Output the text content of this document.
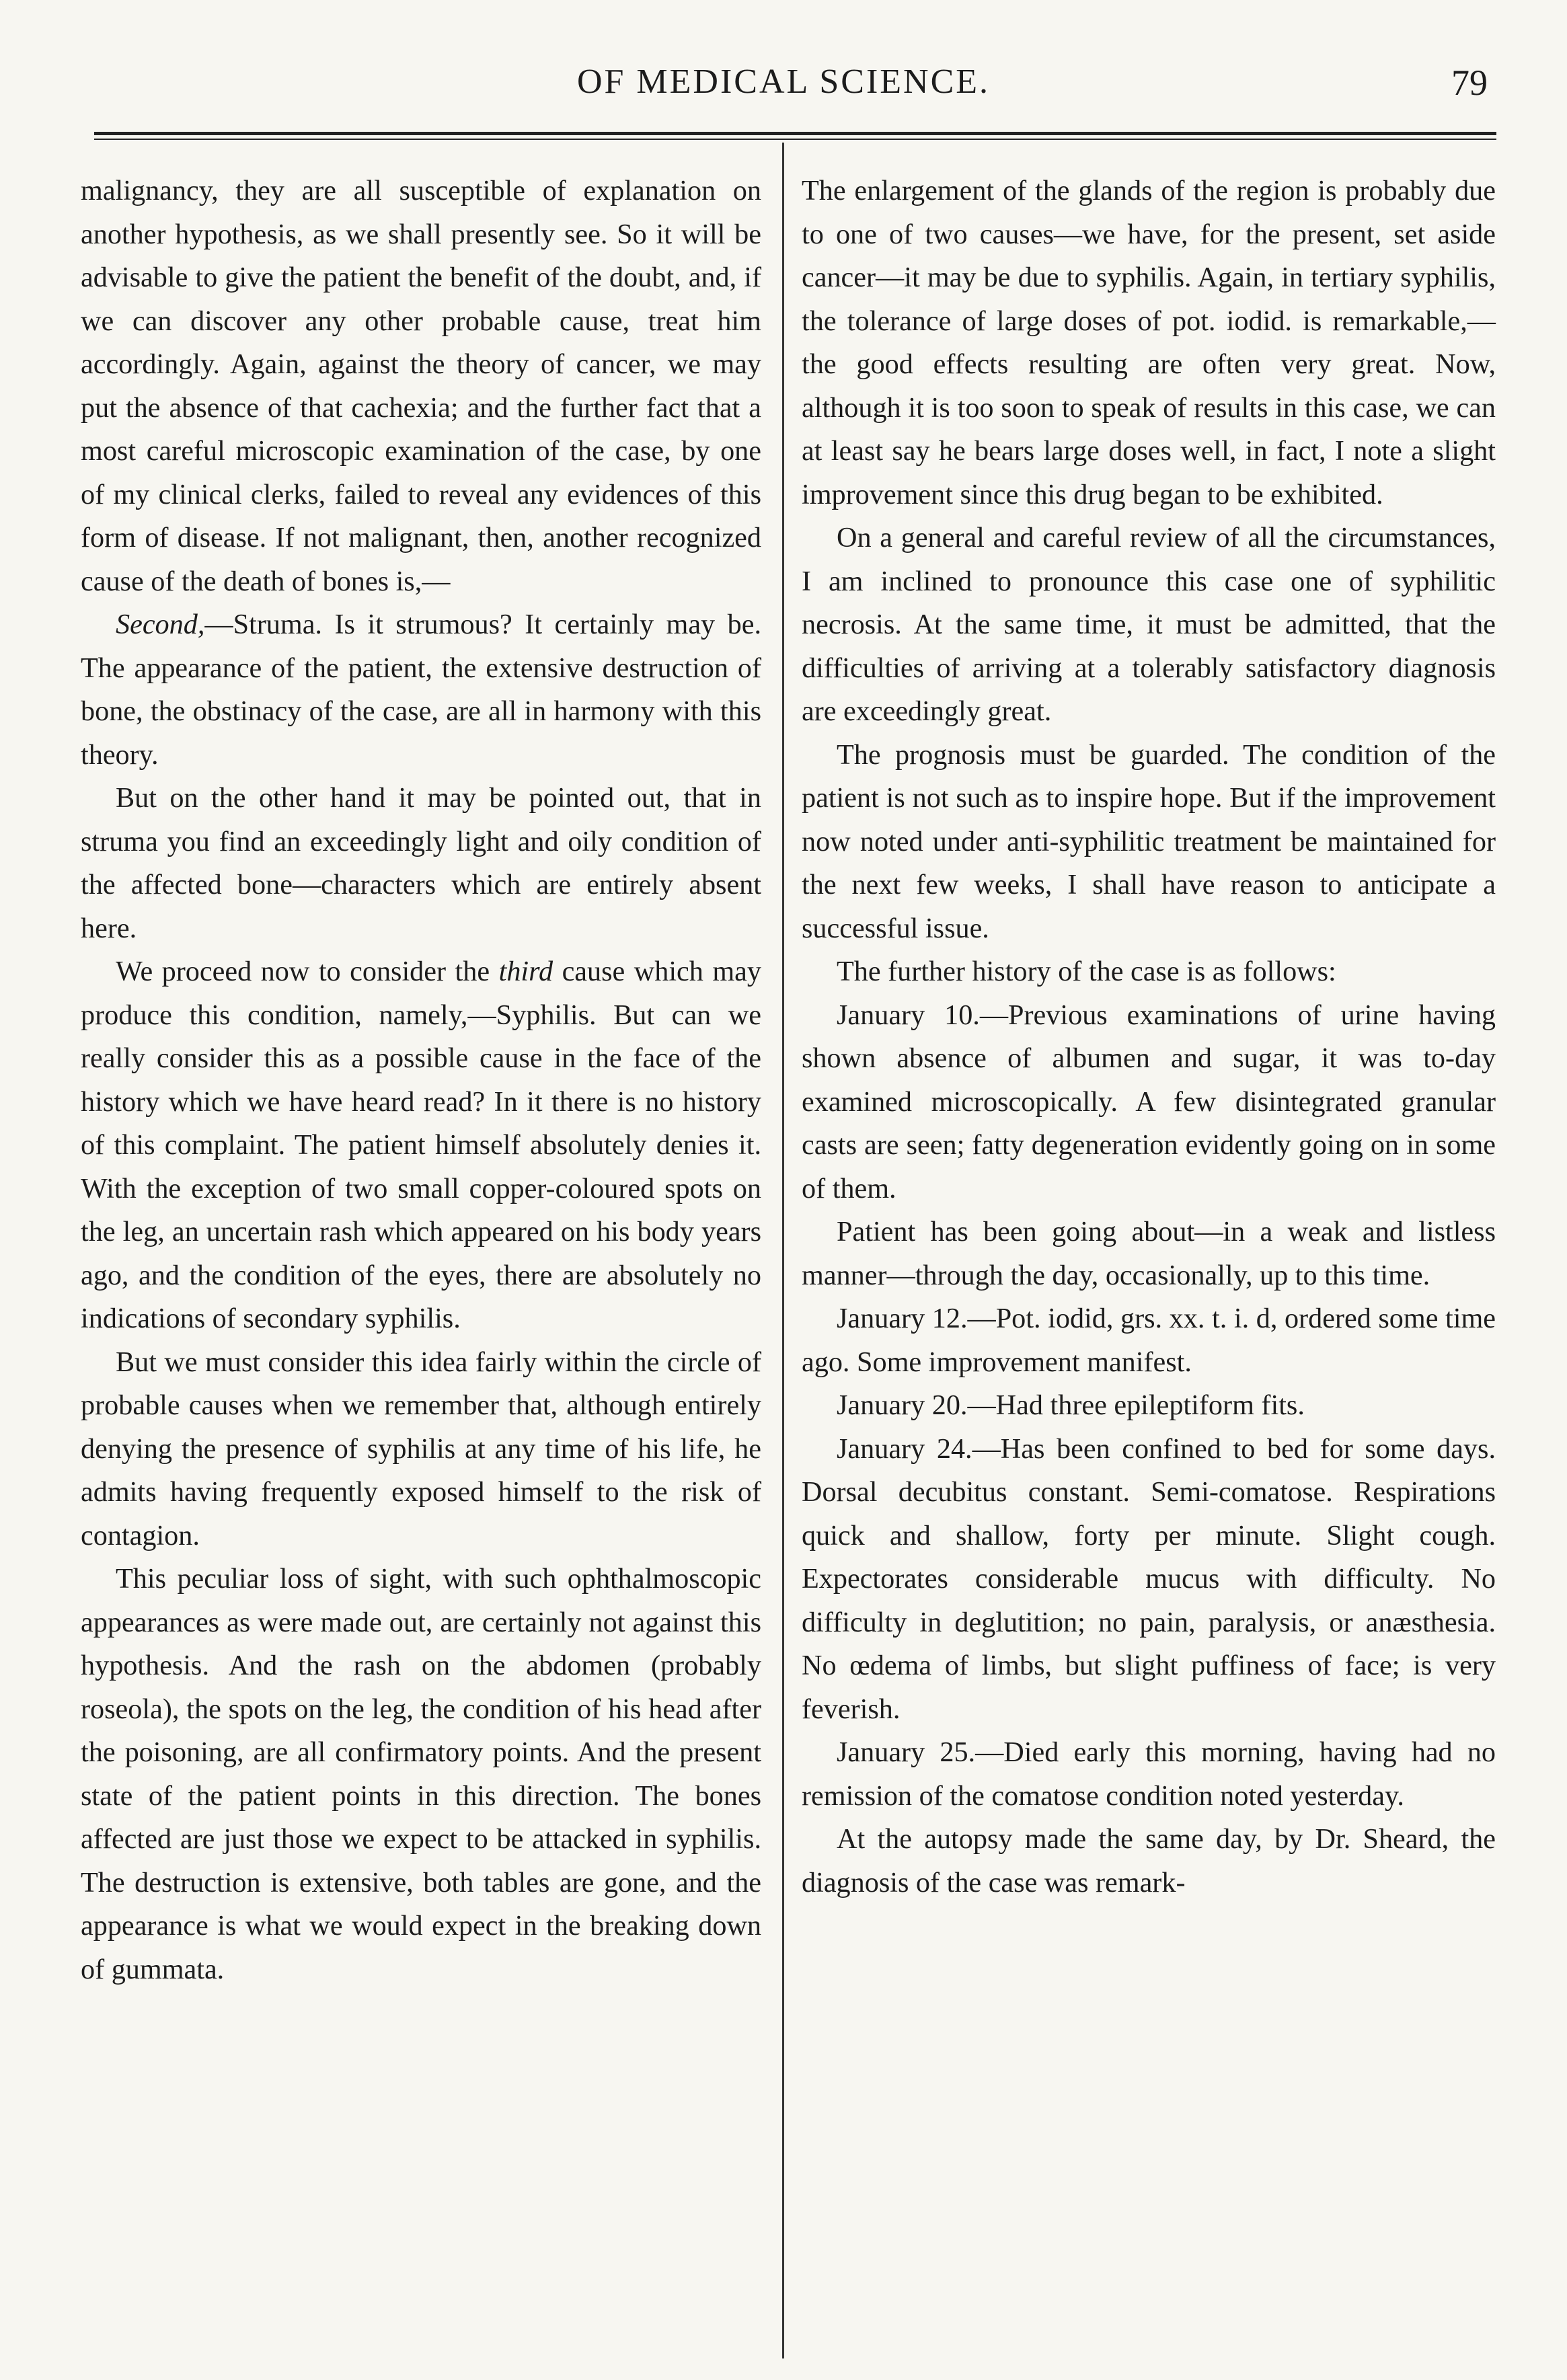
OF MEDICAL SCIENCE.	79

malignancy, they are all susceptible of explanation on another hypothesis, as we shall presently see. So it will be advisable to give the patient the benefit of the doubt, and, if we can discover any other probable cause, treat him accordingly. Again, against the theory of cancer, we may put the absence of that cachexia; and the further fact that a most careful microscopic examination of the case, by one of my clinical clerks, failed to reveal any evidences of this form of disease. If not malignant, then, another recognized cause of the death of bones is,—

Second,—Struma. Is it strumous? It certainly may be. The appearance of the patient, the extensive destruction of bone, the obstinacy of the case, are all in harmony with this theory.

But on the other hand it may be pointed out, that in struma you find an exceedingly light and oily condition of the affected bone—characters which are entirely absent here.

We proceed now to consider the third cause which may produce this condition, namely,—Syphilis. But can we really consider this as a possible cause in the face of the history which we have heard read? In it there is no history of this complaint. The patient himself absolutely denies it. With the exception of two small copper-coloured spots on the leg, an uncertain rash which appeared on his body years ago, and the condition of the eyes, there are absolutely no indications of secondary syphilis.

But we must consider this idea fairly within the circle of probable causes when we remember that, although entirely denying the presence of syphilis at any time of his life, he admits having frequently exposed himself to the risk of contagion.

This peculiar loss of sight, with such ophthalmoscopic appearances as were made out, are certainly not against this hypothesis. And the rash on the abdomen (probably roseola), the spots on the leg, the condition of his head after the poisoning, are all confirmatory points. And the present state of the patient points in this direction. The bones affected are just those we expect to be attacked in syphilis. The destruction is extensive, both tables are gone, and the appearance is what we would expect in the breaking down of gummata.

The enlargement of the glands of the region is probably due to one of two causes—we have, for the present, set aside cancer—it may be due to syphilis. Again, in tertiary syphilis, the tolerance of large doses of pot. iodid. is remarkable,—the good effects resulting are often very great. Now, although it is too soon to speak of results in this case, we can at least say he bears large doses well, in fact, I note a slight improvement since this drug began to be exhibited.

On a general and careful review of all the circumstances, I am inclined to pronounce this case one of syphilitic necrosis. At the same time, it must be admitted, that the difficulties of arriving at a tolerably satisfactory diagnosis are exceedingly great.

The prognosis must be guarded. The condition of the patient is not such as to inspire hope. But if the improvement now noted under anti-syphilitic treatment be maintained for the next few weeks, I shall have reason to anticipate a successful issue.

The further history of the case is as follows:

January 10.—Previous examinations of urine having shown absence of albumen and sugar, it was to-day examined microscopically. A few disintegrated granular casts are seen; fatty degeneration evidently going on in some of them.

Patient has been going about—in a weak and listless manner—through the day, occasionally, up to this time.

January 12.—Pot. iodid, grs. xx. t. i. d, ordered some time ago. Some improvement manifest.

January 20.—Had three epileptiform fits.

January 24.—Has been confined to bed for some days. Dorsal decubitus constant. Semi-comatose. Respirations quick and shallow, forty per minute. Slight cough. Expectorates considerable mucus with difficulty. No difficulty in deglutition; no pain, paralysis, or anæsthesia. No œdema of limbs, but slight puffiness of face; is very feverish.

January 25.—Died early this morning, having had no remission of the comatose condition noted yesterday.

At the autopsy made the same day, by Dr. Sheard, the diagnosis of the case was remark-
